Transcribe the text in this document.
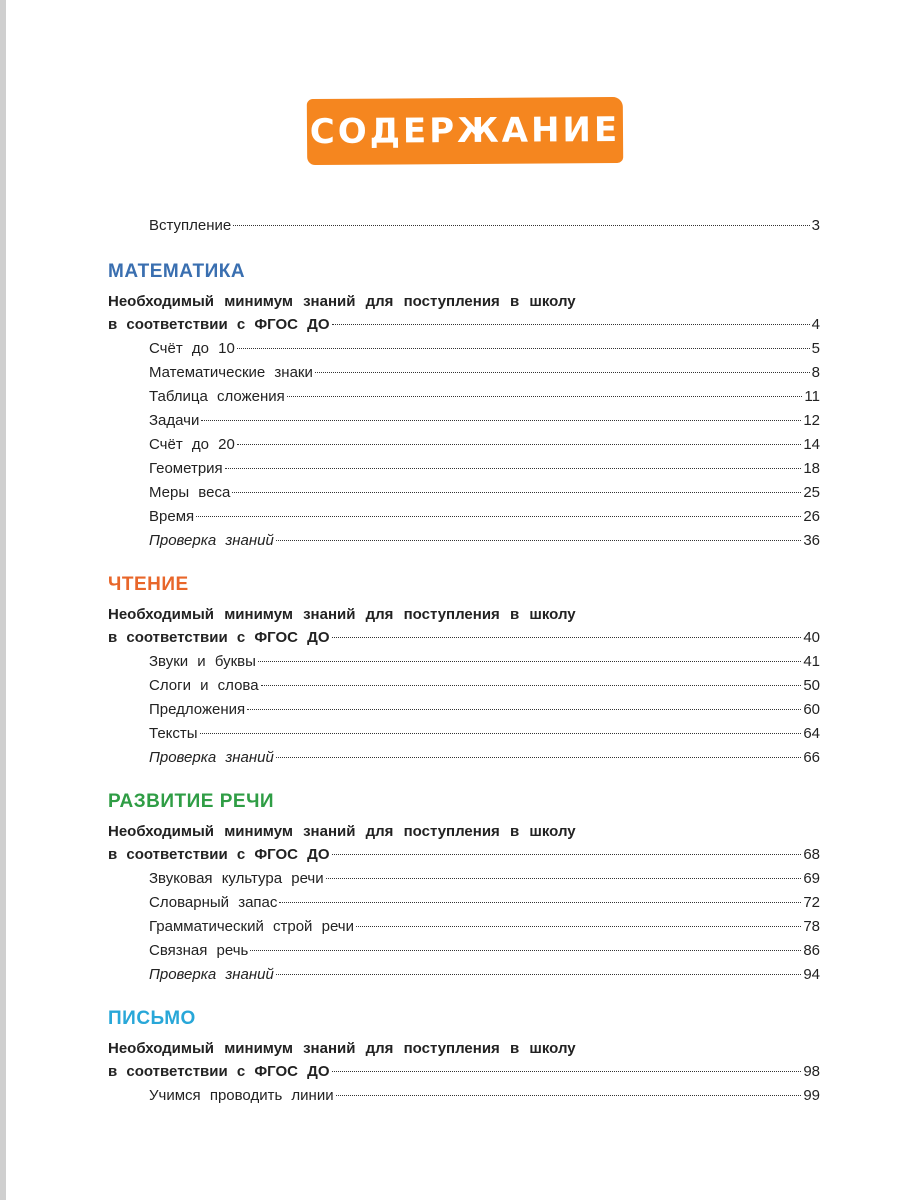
СОДЕРЖАНИЕ
Вступление	3
МАТЕМАТИКА
Необходимый минимум знаний для поступления в школу
в соответствии с ФГОС ДО	4
Счёт до 10	5
Математические знаки	8
Таблица сложения	11
Задачи	12
Счёт до 20	14
Геометрия	18
Меры веса	25
Время	26
Проверка знаний	36
ЧТЕНИЕ
Необходимый минимум знаний для поступления в школу
в соответствии с ФГОС ДО	40
Звуки и буквы	41
Слоги и слова	50
Предложения	60
Тексты	64
Проверка знаний	66
РАЗВИТИЕ РЕЧИ
Необходимый минимум знаний для поступления в школу
в соответствии с ФГОС ДО	68
Звуковая культура речи	69
Словарный запас	72
Грамматический строй речи	78
Связная речь	86
Проверка знаний	94
ПИСЬМО
Необходимый минимум знаний для поступления в школу
в соответствии с ФГОС ДО	98
Учимся проводить линии	99
